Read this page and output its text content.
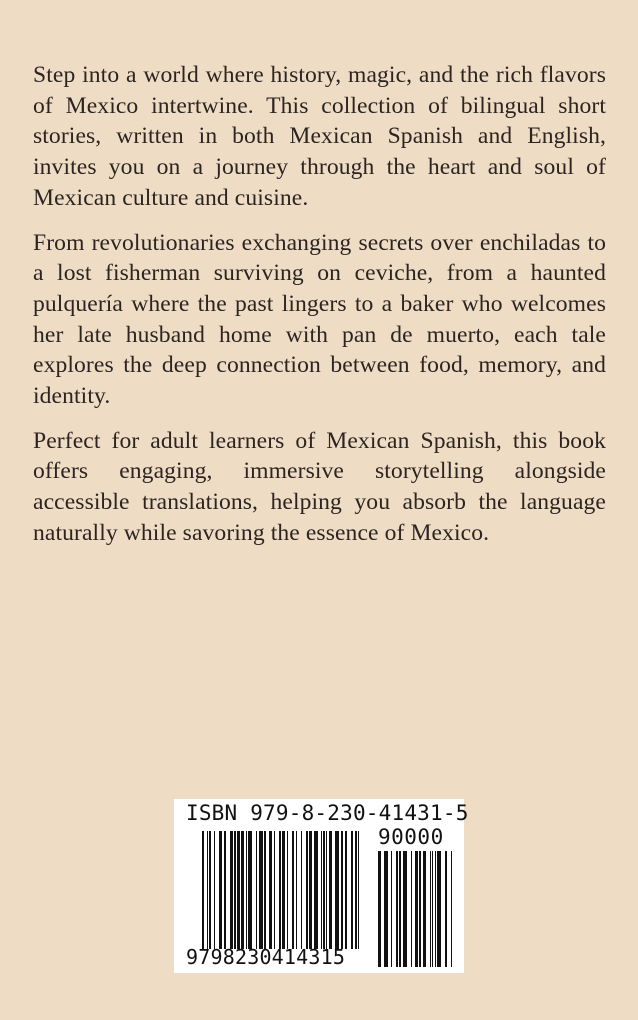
Step into a world where history, magic, and the rich flavors of Mexico intertwine. This collection of bilingual short stories, written in both Mexican Spanish and English, invites you on a journey through the heart and soul of Mexican culture and cuisine.

From revolutionaries exchanging secrets over enchiladas to a lost fisherman surviving on ceviche, from a haunted pulquería where the past lingers to a baker who welcomes her late husband home with pan de muerto, each tale explores the deep connection between food, memory, and identity.

Perfect for adult learners of Mexican Spanish, this book offers engaging, immersive storytelling alongside accessible translations, helping you absorb the language naturally while savoring the essence of Mexico.

ISBN 979-8-230-41431-5
90000
9798230414315
